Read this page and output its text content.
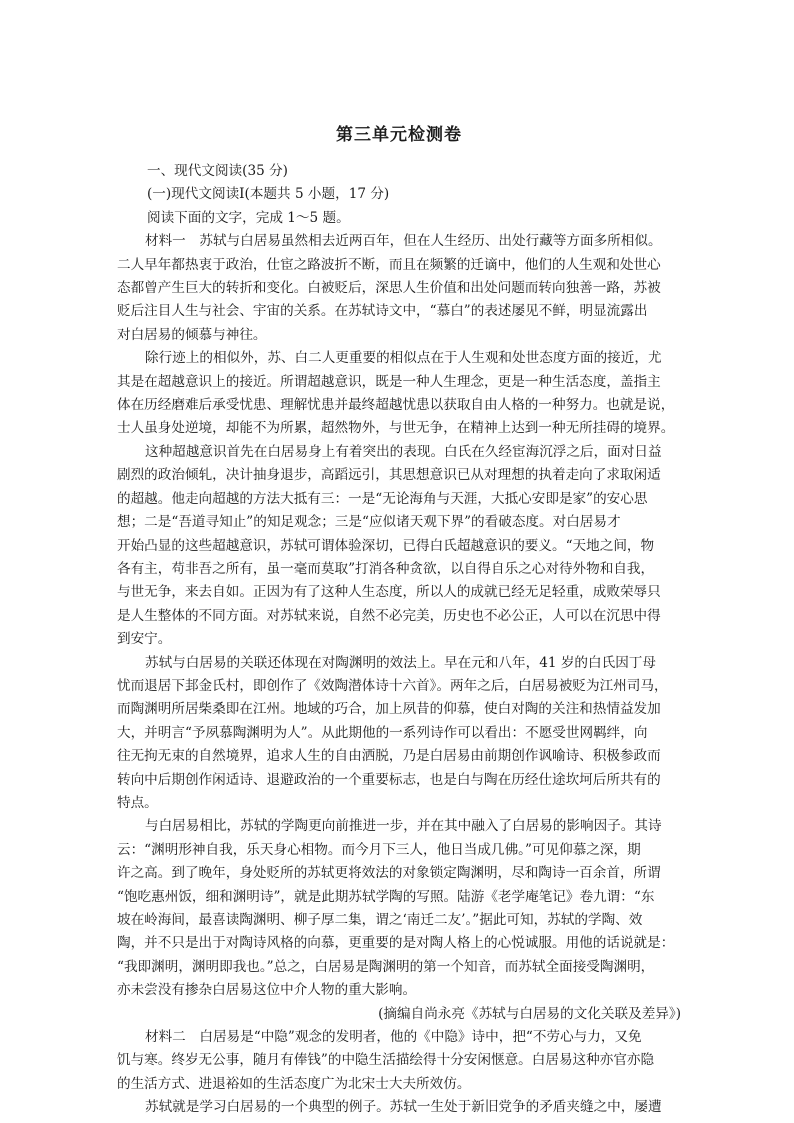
第三单元检测卷

一、现代文阅读(35 分)

(一)现代文阅读Ⅰ(本题共 5 小题，17 分)

阅读下面的文字，完成 1～5 题。

材料一　苏轼与白居易虽然相去近两百年，但在人生经历、出处行藏等方面多所相似。

二人早年都热衷于政治，仕宦之路波折不断，而且在频繁的迁谪中，他们的人生观和处世心

态都曾产生巨大的转折和变化。白被贬后，深思人生价值和出处问题而转向独善一路，苏被

贬后注目人生与社会、宇宙的关系。在苏轼诗文中，“慕白”的表述屡见不鲜，明显流露出

对白居易的倾慕与神往。

除行迹上的相似外，苏、白二人更重要的相似点在于人生观和处世态度方面的接近，尤

其是在超越意识上的接近。所谓超越意识，既是一种人生理念，更是一种生活态度，盖指主

体在历经磨难后承受忧患、理解忧患并最终超越忧患以获取自由人格的一种努力。也就是说，

士人虽身处逆境，却能不为所累，超然物外，与世无争，在精神上达到一种无所挂碍的境界。

这种超越意识首先在白居易身上有着突出的表现。白氏在久经宦海沉浮之后，面对日益

剧烈的政治倾轧，决计抽身退步，高蹈远引，其思想意识已从对理想的执着走向了求取闲适

的超越。他走向超越的方法大抵有三：一是“无论海角与天涯，大抵心安即是家”的安心思

想；二是“吾道寻知止”的知足观念；三是“应似诸天观下界”的看破态度。对白居易才

开始凸显的这些超越意识，苏轼可谓体验深切，已得白氏超越意识的要义。“天地之间，物

各有主，苟非吾之所有，虽一毫而莫取”打消各种贪欲，以自得自乐之心对待外物和自我，

与世无争，来去自如。正因为有了这种人生态度，所以人的成就已经无足轻重，成败荣辱只

是人生整体的不同方面。对苏轼来说，自然不必完美，历史也不必公正，人可以在沉思中得

到安宁。

苏轼与白居易的关联还体现在对陶渊明的效法上。早在元和八年，41 岁的白氏因丁母

忧而退居下邽金氏村，即创作了《效陶潜体诗十六首》。两年之后，白居易被贬为江州司马，

而陶渊明所居柴桑即在江州。地域的巧合，加上夙昔的仰慕，使白对陶的关注和热情益发加

大，并明言“予夙慕陶渊明为人”。从此期他的一系列诗作可以看出：不愿受世网羁绊，向

往无拘无束的自然境界，追求人生的自由洒脱，乃是白居易由前期创作讽喻诗、积极参政而

转向中后期创作闲适诗、退避政治的一个重要标志，也是白与陶在历经仕途坎坷后所共有的

特点。

与白居易相比，苏轼的学陶更向前推进一步，并在其中融入了白居易的影响因子。其诗

云：“渊明形神自我，乐天身心相物。而今月下三人，他日当成几佛。”可见仰慕之深，期

许之高。到了晚年，身处贬所的苏轼更将效法的对象锁定陶渊明，尽和陶诗一百余首，所谓

“饱吃惠州饭，细和渊明诗”，就是此期苏轼学陶的写照。陆游《老学庵笔记》卷九谓：“东

坡在岭海间，最喜读陶渊明、柳子厚二集，谓之‘南迁二友’。”据此可知，苏轼的学陶、效

陶，并不只是出于对陶诗风格的向慕，更重要的是对陶人格上的心悦诚服。用他的话说就是：

“我即渊明，渊明即我也。”总之，白居易是陶渊明的第一个知音，而苏轼全面接受陶渊明，

亦未尝没有掺杂白居易这位中介人物的重大影响。

(摘编自尚永亮《苏轼与白居易的文化关联及差异》)

材料二　白居易是“中隐”观念的发明者，他的《中隐》诗中，把“不劳心与力，又免

饥与寒。终岁无公事，随月有俸钱”的中隐生活描绘得十分安闲惬意。白居易这种亦官亦隐

的生活方式、进退裕如的生活态度广为北宋士大夫所效仿。

苏轼就是学习白居易的一个典型的例子。苏轼一生处于新旧党争的矛盾夹缝之中，屡遭
